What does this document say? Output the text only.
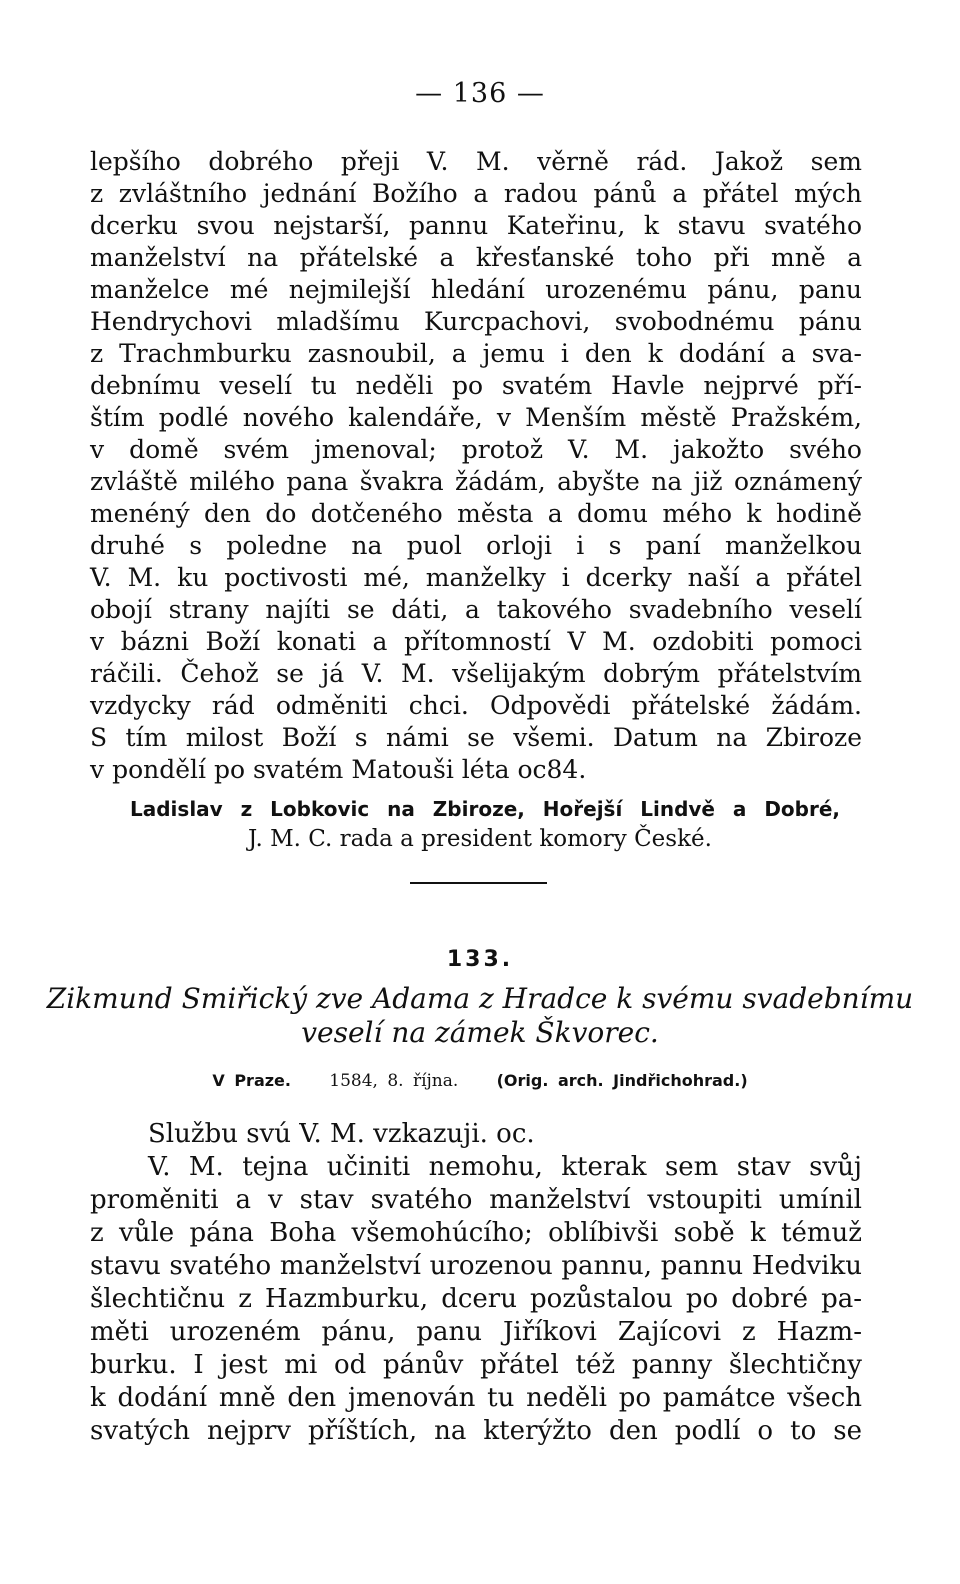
— 136 —

lepšího dobrého přeji V. M. věrně rád. Jakož sem

z zvláštního jednání Božího a radou pánů a přátel mých

dcerku svou nejstarší, pannu Kateřinu, k stavu svatého

manželství na přátelské a křesťanské toho při mně a

manželce mé nejmilejší hledání urozenému pánu, panu

Hendrychovi mladšímu Kurcpachovi, svobodnému pánu

z Trachmburku zasnoubil, a jemu i den k dodání a sva-

debnímu veselí tu neděli po svatém Havle nejprvé pří-

štím podlé nového kalendáře, v Menším městě Pražském,

v domě svém jmenoval; protož V. M. jakožto svého

zvláště milého pana švakra žádám, abyšte na již oznámený

menéný den do dotčeného města a domu mého k hodině

druhé s poledne na puol orloji i s paní manželkou

V. M. ku poctivosti mé, manželky i dcerky naší a přátel

obojí strany najíti se dáti, a takového svadebního veselí

v bázni Boží konati a přítomností V M. ozdobiti pomoci

ráčili. Čehož se já V. M. všelijakým dobrým přátelstvím

vzdycky rád odměniti chci. Odpovědi přátelské žádám.

S tím milost Boží s námi se všemi. Datum na Zbiroze

v pondělí po svatém Matouši léta oc84.

Ladislav z Lobkovic na Zbiroze, Hořejší Lindvě a Dobré,
J. M. C. rada a president komory České.
133.
Zikmund Smiřický zve Adama z Hradce k svému svadebnímu
veselí na zámek Škvorec.
V Praze. 1584, 8. října. (Orig. arch. Jindřichohrad.)

Službu svú V. M. vzkazuji. oc.

V. M. tejna učiniti nemohu, kterak sem stav svůj

proměniti a v stav svatého manželství vstoupiti umínil

z vůle pána Boha všemohúcího; oblíbivši sobě k témuž

stavu svatého manželství urozenou pannu, pannu Hedviku

šlechtičnu z Hazmburku, dceru pozůstalou po dobré pa-

měti urozeném pánu, panu Jiříkovi Zajícovi z Hazm-

burku. I jest mi od pánův přátel též panny šlechtičny

k dodání mně den jmenován tu neděli po památce všech

svatých nejprv příštích, na kterýžto den podlí o to se
